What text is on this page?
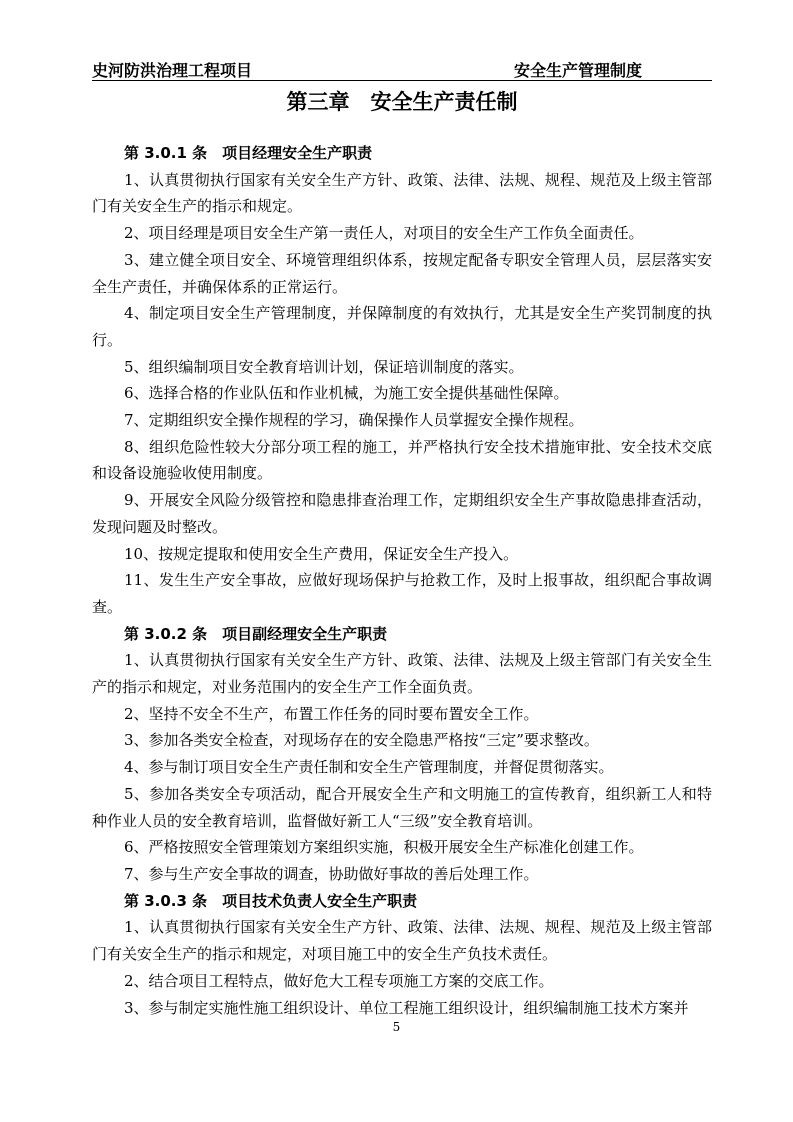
史河防洪治理工程项目	安全生产管理制度
第三章　安全生产责任制
第 3.0.1 条　项目经理安全生产职责

1、认真贯彻执行国家有关安全生产方针、政策、法律、法规、规程、规范及上级主管部门有关安全生产的指示和规定。

2、项目经理是项目安全生产第一责任人，对项目的安全生产工作负全面责任。

3、建立健全项目安全、环境管理组织体系，按规定配备专职安全管理人员，层层落实安全生产责任，并确保体系的正常运行。

4、制定项目安全生产管理制度，并保障制度的有效执行，尤其是安全生产奖罚制度的执行。

5、组织编制项目安全教育培训计划，保证培训制度的落实。

6、选择合格的作业队伍和作业机械，为施工安全提供基础性保障。

7、定期组织安全操作规程的学习，确保操作人员掌握安全操作规程。

8、组织危险性较大分部分项工程的施工，并严格执行安全技术措施审批、安全技术交底和设备设施验收使用制度。

9、开展安全风险分级管控和隐患排查治理工作，定期组织安全生产事故隐患排查活动，发现问题及时整改。

10、按规定提取和使用安全生产费用，保证安全生产投入。

11、发生生产安全事故，应做好现场保护与抢救工作，及时上报事故，组织配合事故调查。

第 3.0.2 条　项目副经理安全生产职责

1、认真贯彻执行国家有关安全生产方针、政策、法律、法规及上级主管部门有关安全生产的指示和规定，对业务范围内的安全生产工作全面负责。

2、坚持不安全不生产，布置工作任务的同时要布置安全工作。

3、参加各类安全检查，对现场存在的安全隐患严格按“三定”要求整改。

4、参与制订项目安全生产责任制和安全生产管理制度，并督促贯彻落实。

5、参加各类安全专项活动，配合开展安全生产和文明施工的宣传教育，组织新工人和特种作业人员的安全教育培训，监督做好新工人“三级”安全教育培训。

6、严格按照安全管理策划方案组织实施，积极开展安全生产标准化创建工作。

7、参与生产安全事故的调查，协助做好事故的善后处理工作。

第 3.0.3 条　项目技术负责人安全生产职责

1、认真贯彻执行国家有关安全生产方针、政策、法律、法规、规程、规范及上级主管部门有关安全生产的指示和规定，对项目施工中的安全生产负技术责任。

2、结合项目工程特点，做好危大工程专项施工方案的交底工作。

3、参与制定实施性施工组织设计、单位工程施工组织设计，组织编制施工技术方案并

5
